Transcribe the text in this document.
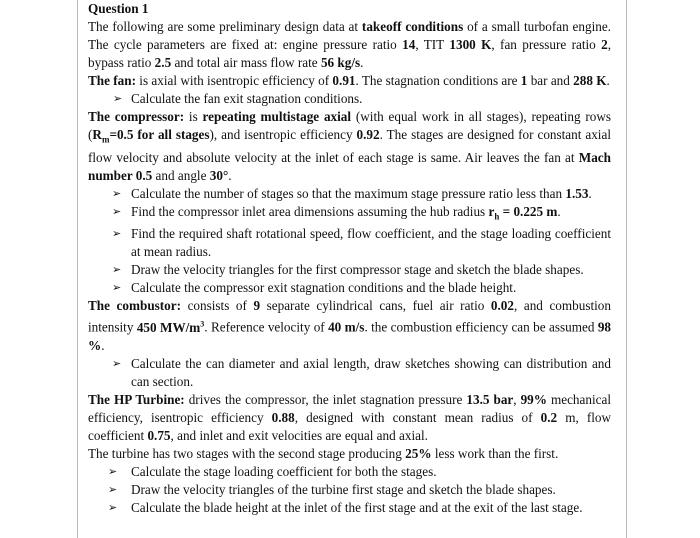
Question 1

The following are some preliminary design data at takeoff conditions of a small turbofan engine. The cycle parameters are fixed at: engine pressure ratio 14, TIT 1300 K, fan pressure ratio 2, bypass ratio 2.5 and total air mass flow rate 56 kg/s.

The fan: is axial with isentropic efficiency of 0.91. The stagnation conditions are 1 bar and 288 K.

➢ Calculate the fan exit stagnation conditions.

The compressor: is repeating multistage axial (with equal work in all stages), repeating rows ($R_m=0.5$ for all stages), and isentropic efficiency 0.92. The stages are designed for constant axial flow velocity and absolute velocity at the inlet of each stage is same. Air leaves the fan at Mach number 0.5 and angle 30°.

➢ Calculate the number of stages so that the maximum stage pressure ratio less than 1.53.

➢ Find the compressor inlet area dimensions assuming the hub radius $r_h = 0.225$ m.

➢ Find the required shaft rotational speed, flow coefficient, and the stage loading coefficient at mean radius.

➢ Draw the velocity triangles for the first compressor stage and sketch the blade shapes.

➢ Calculate the compressor exit stagnation conditions and the blade height.

The combustor: consists of 9 separate cylindrical cans, fuel air ratio 0.02, and combustion intensity 450 $MW/m^3$. Reference velocity of 40 m/s. the combustion efficiency can be assumed 98 %.

➢ Calculate the can diameter and axial length, draw sketches showing can distribution and can section.

The HP Turbine: drives the compressor, the inlet stagnation pressure 13.5 bar, 99% mechanical efficiency, isentropic efficiency 0.88, designed with constant mean radius of 0.2 m, flow coefficient 0.75, and inlet and exit velocities are equal and axial.

The turbine has two stages with the second stage producing 25% less work than the first.

➢ Calculate the stage loading coefficient for both the stages.

➢ Draw the velocity triangles of the turbine first stage and sketch the blade shapes.

➢ Calculate the blade height at the inlet of the first stage and at the exit of the last stage.
